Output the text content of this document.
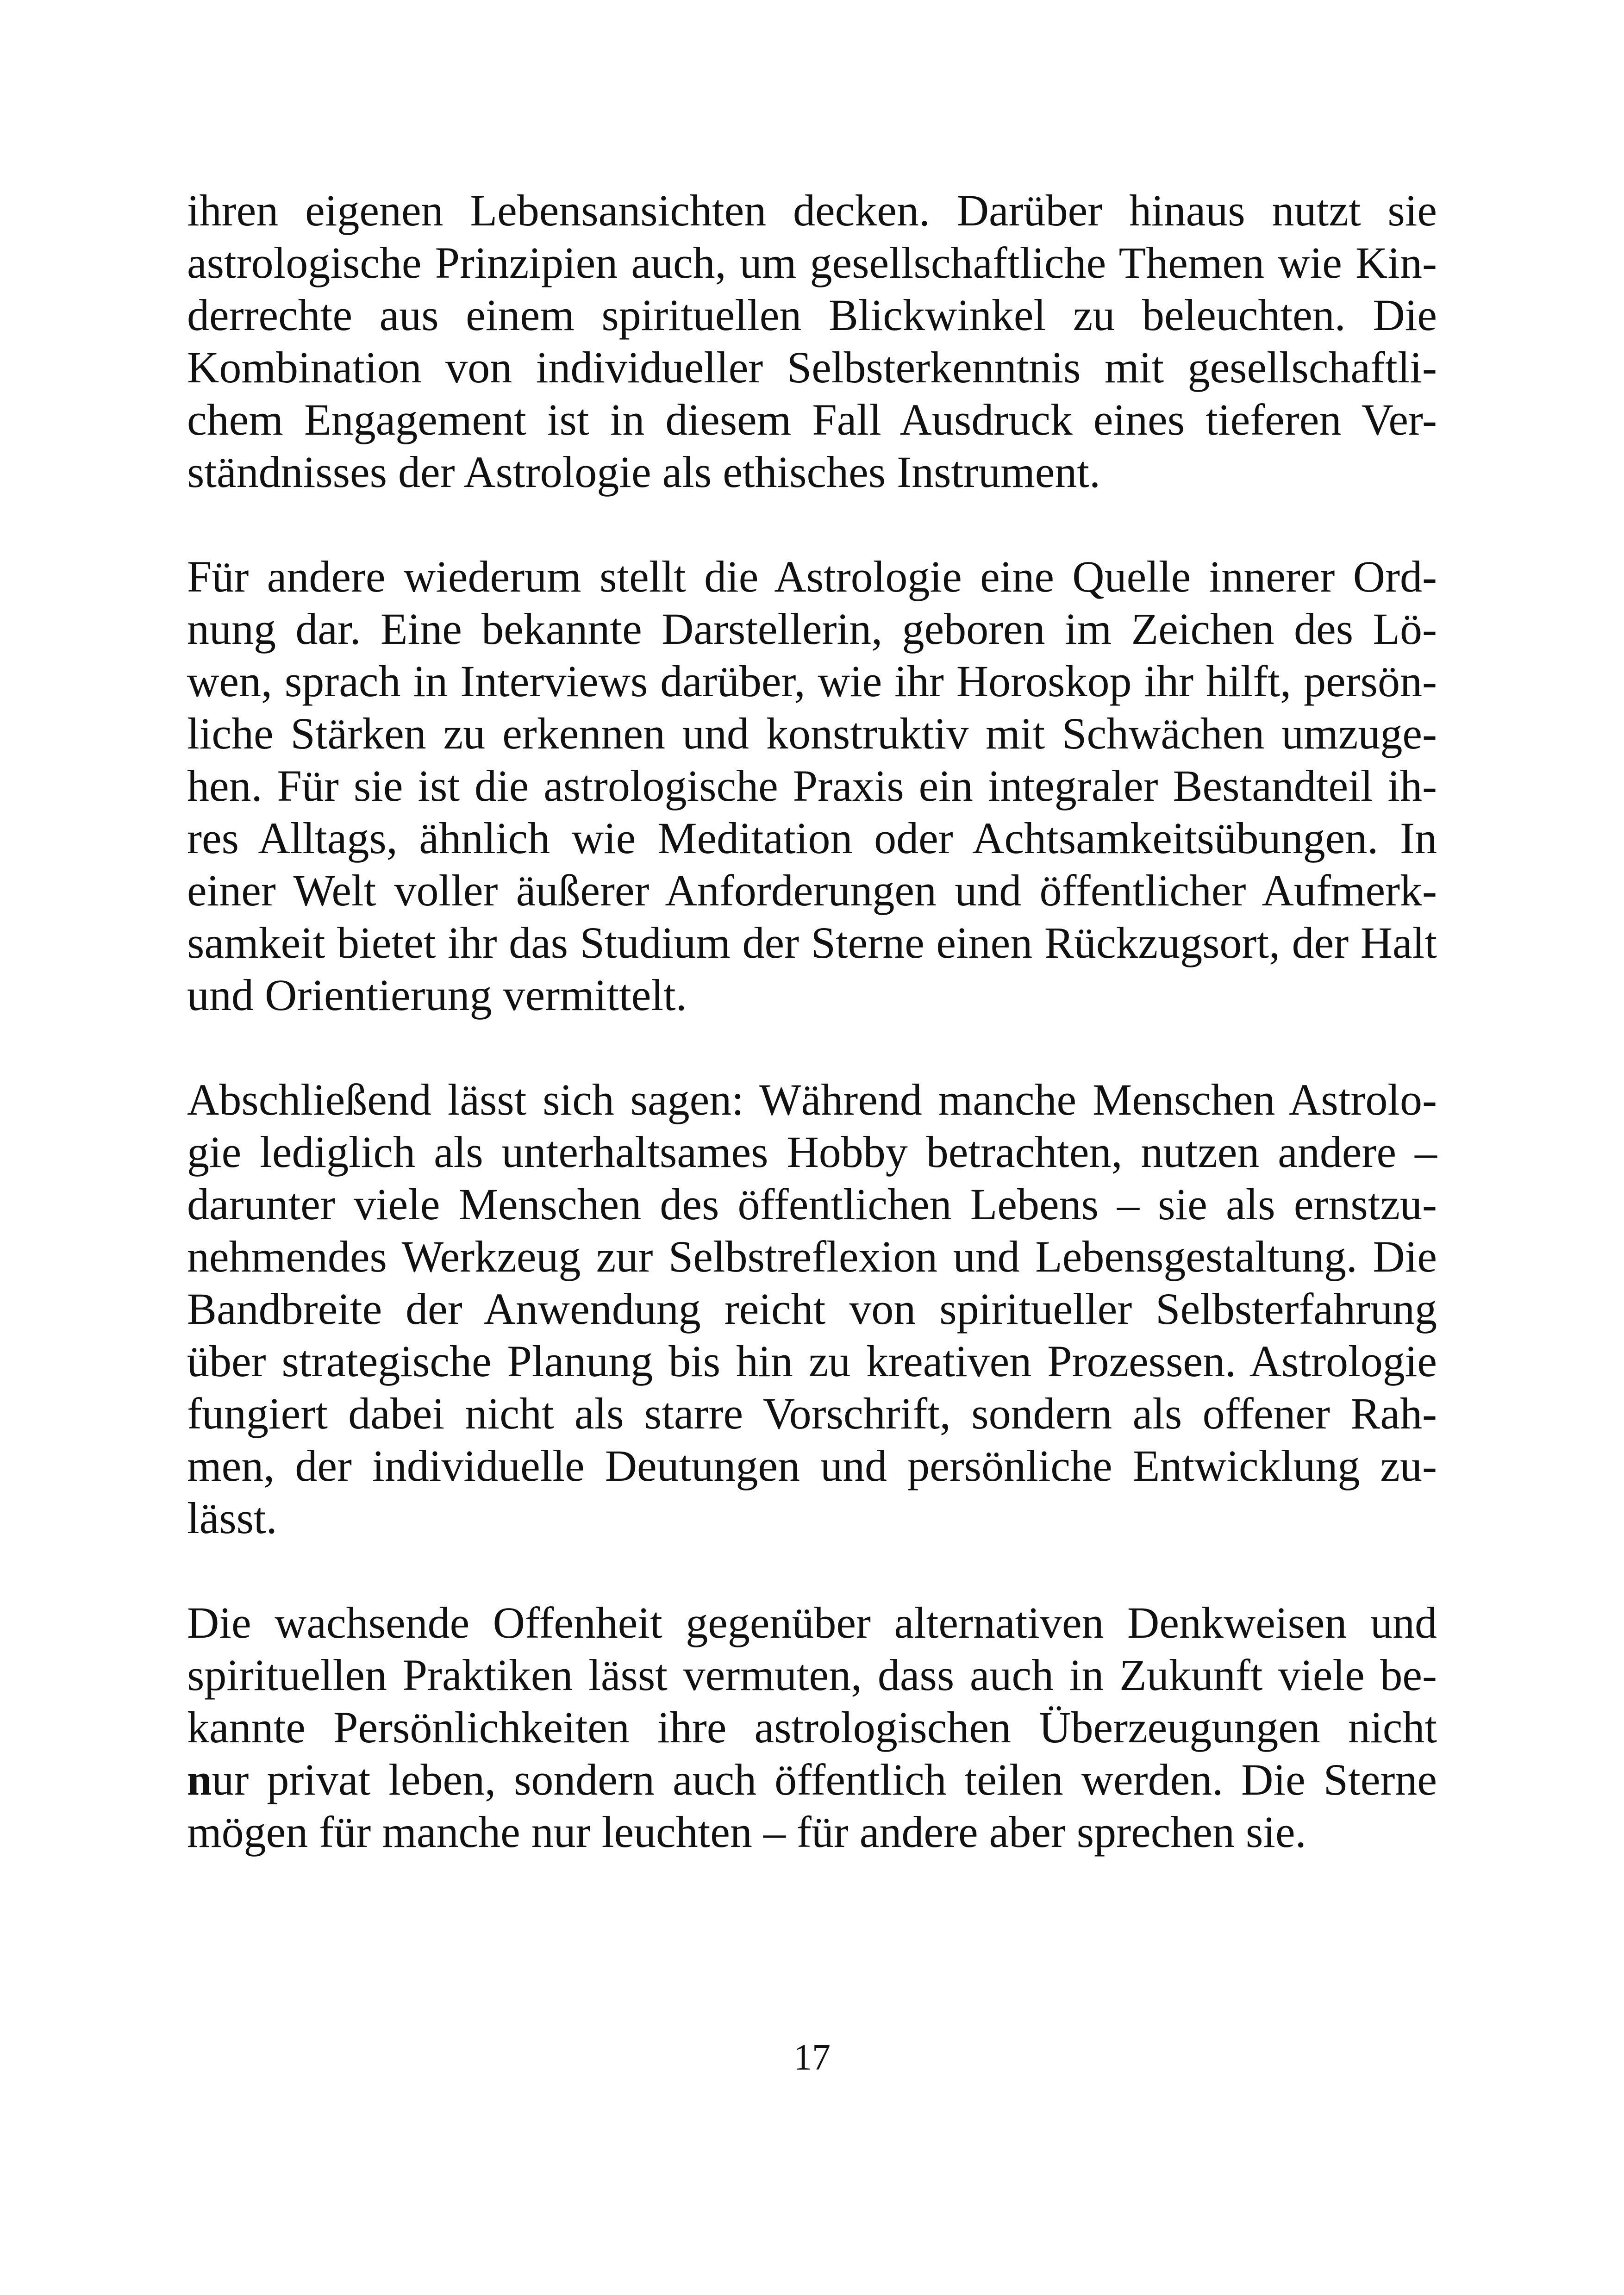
ihren eigenen Lebensansichten decken. Darüber hinaus nutzt sie
astrologische Prinzipien auch, um gesellschaftliche Themen wie Kin-
derrechte aus einem spirituellen Blickwinkel zu beleuchten. Die
Kombination von individueller Selbsterkenntnis mit gesellschaftli-
chem Engagement ist in diesem Fall Ausdruck eines tieferen Ver-
ständnisses der Astrologie als ethisches Instrument.

Für andere wiederum stellt die Astrologie eine Quelle innerer Ord-
nung dar. Eine bekannte Darstellerin, geboren im Zeichen des Lö-
wen, sprach in Interviews darüber, wie ihr Horoskop ihr hilft, persön-
liche Stärken zu erkennen und konstruktiv mit Schwächen umzuge-
hen. Für sie ist die astrologische Praxis ein integraler Bestandteil ih-
res Alltags, ähnlich wie Meditation oder Achtsamkeitsübungen. In
einer Welt voller äußerer Anforderungen und öffentlicher Aufmerk-
samkeit bietet ihr das Studium der Sterne einen Rückzugsort, der Halt
und Orientierung vermittelt.

Abschließend lässt sich sagen: Während manche Menschen Astrolo-
gie lediglich als unterhaltsames Hobby betrachten, nutzen andere –
darunter viele Menschen des öffentlichen Lebens – sie als ernstzu-
nehmendes Werkzeug zur Selbstreflexion und Lebensgestaltung. Die
Bandbreite der Anwendung reicht von spiritueller Selbsterfahrung
über strategische Planung bis hin zu kreativen Prozessen. Astrologie
fungiert dabei nicht als starre Vorschrift, sondern als offener Rah-
men, der individuelle Deutungen und persönliche Entwicklung zu-
lässt.

Die wachsende Offenheit gegenüber alternativen Denkweisen und
spirituellen Praktiken lässt vermuten, dass auch in Zukunft viele be-
kannte Persönlichkeiten ihre astrologischen Überzeugungen nicht
nur privat leben, sondern auch öffentlich teilen werden. Die Sterne
mögen für manche nur leuchten – für andere aber sprechen sie.

17
